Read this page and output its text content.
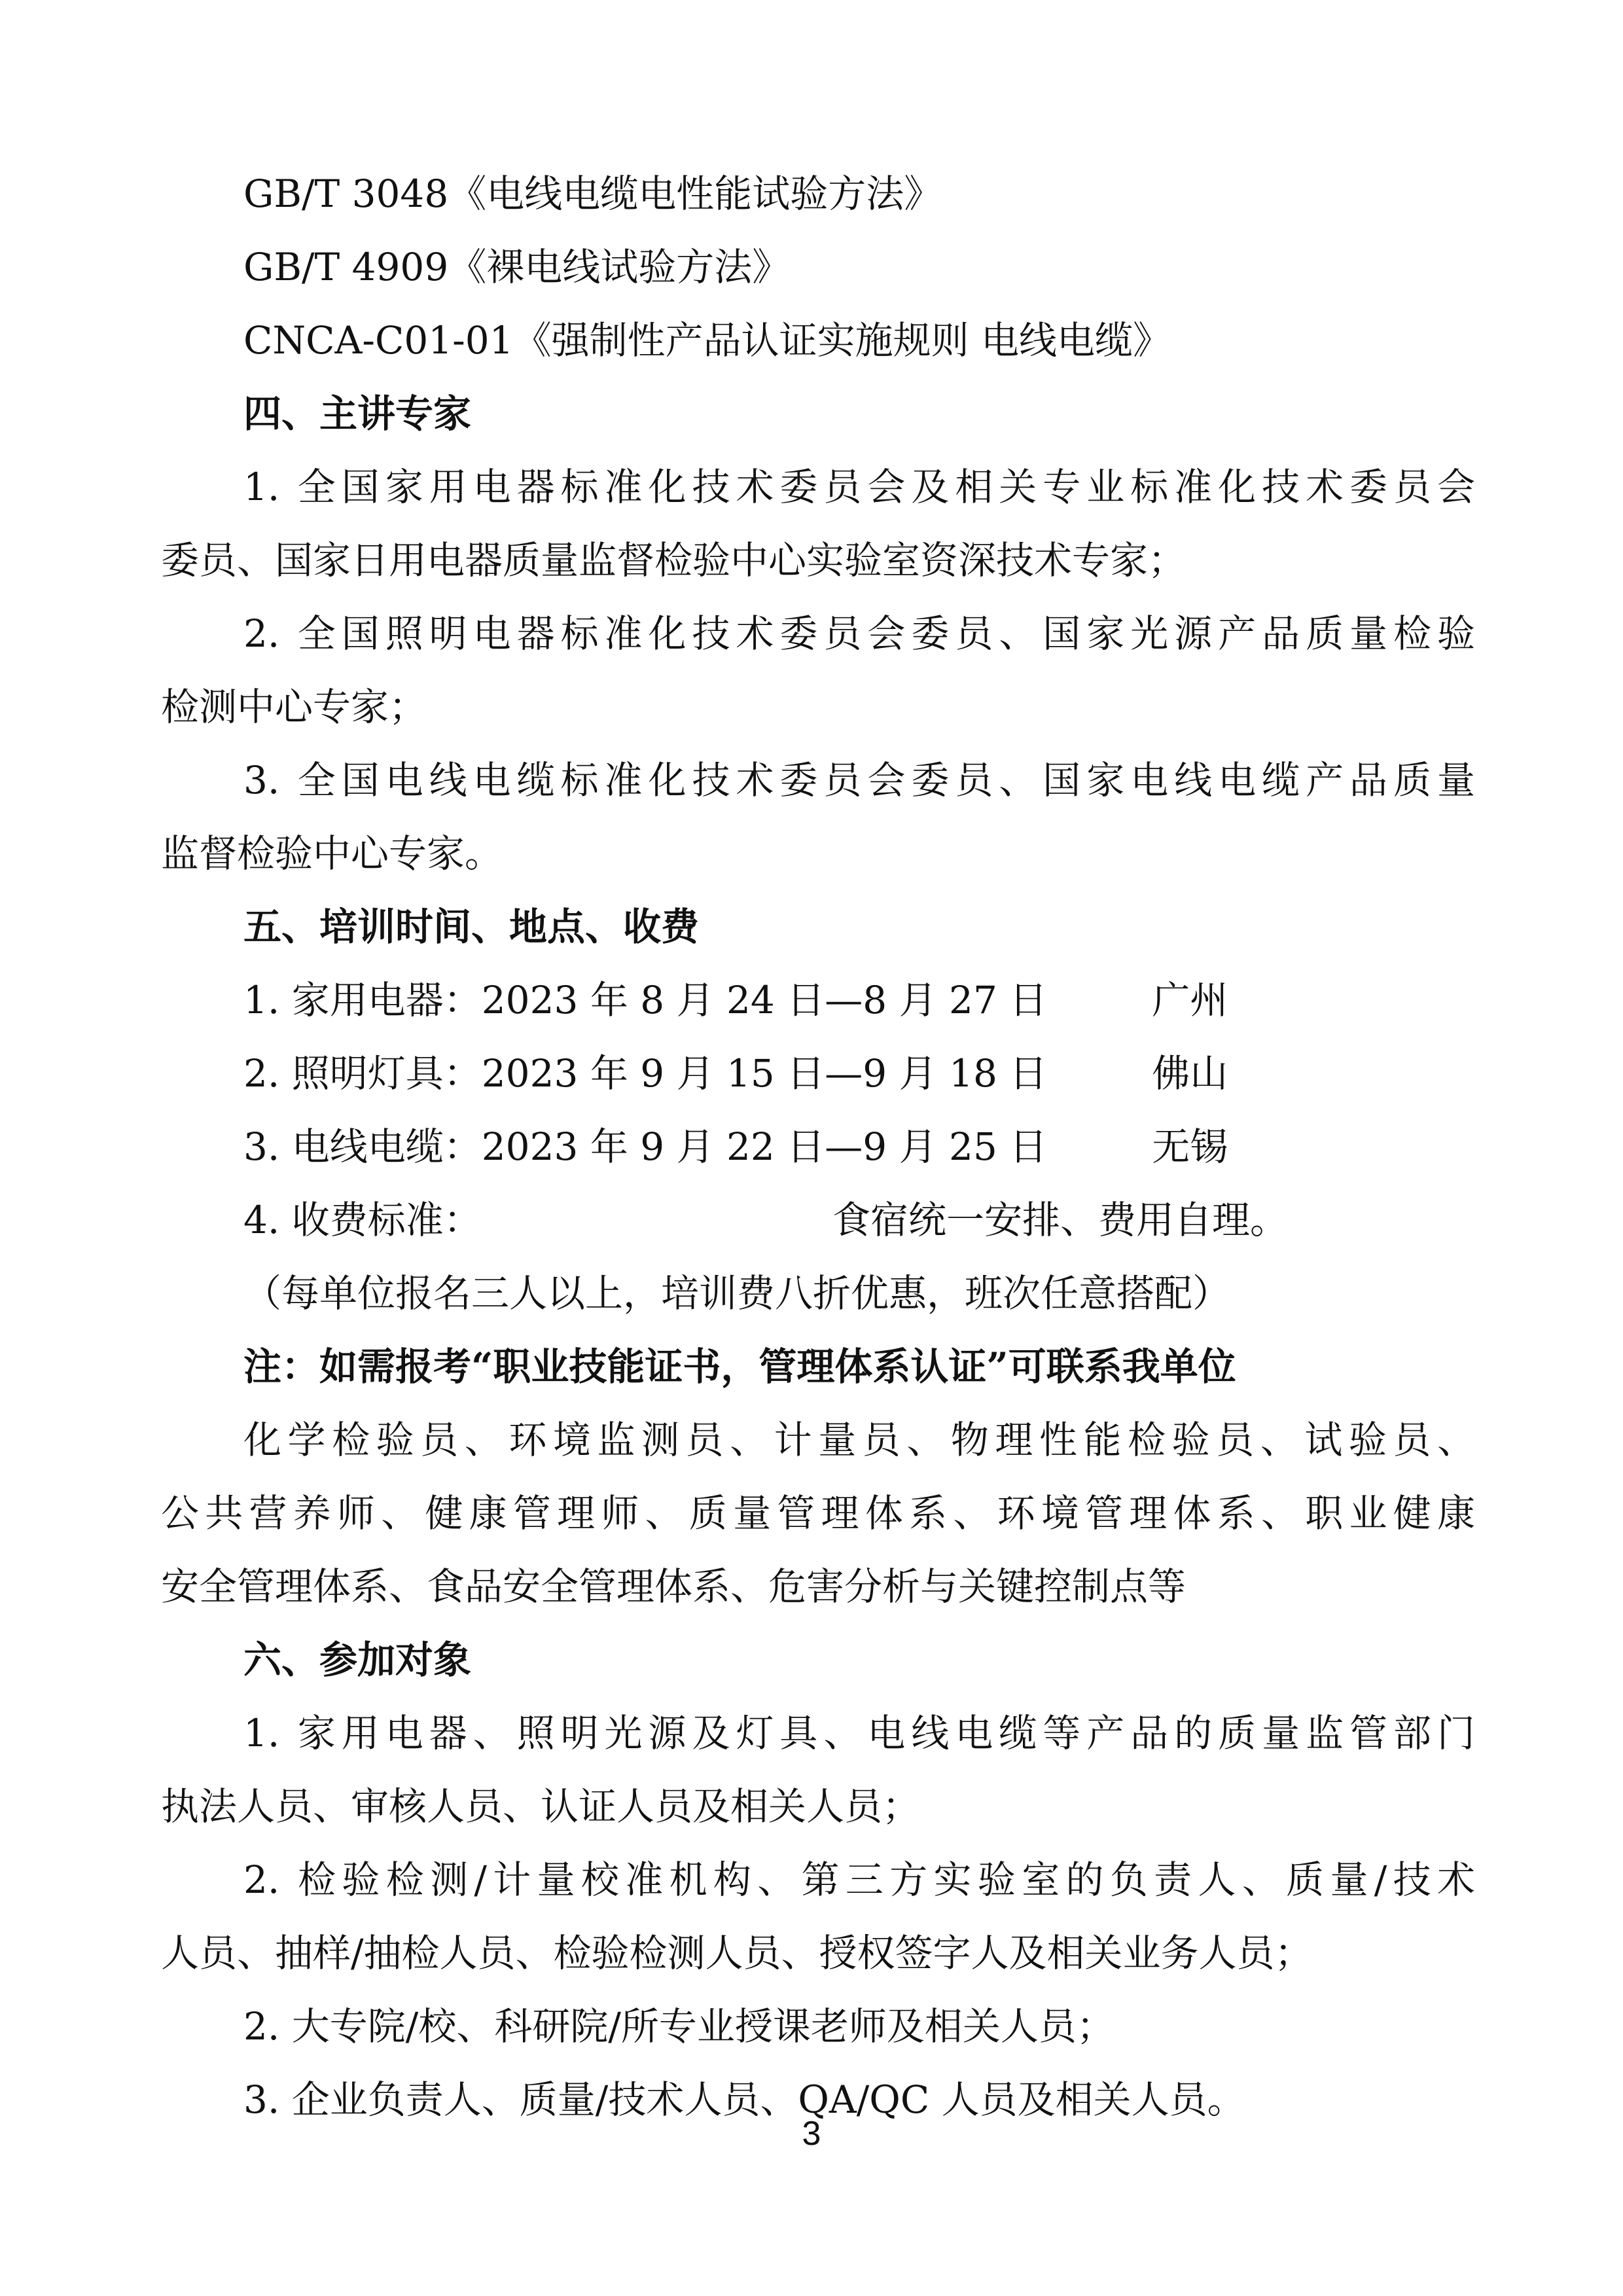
GB/T 3048《电线电缆电性能试验方法》
GB/T 4909《裸电线试验方法》
CNCA-C01-01《强制性产品认证实施规则 电线电缆》
四、主讲专家
1. 全国家用电器标准化技术委员会及相关专业标准化技术委员会
委员、国家日用电器质量监督检验中心实验室资深技术专家；
2. 全国照明电器标准化技术委员会委员、国家光源产品质量检验
检测中心专家；
3. 全国电线电缆标准化技术委员会委员、国家电线电缆产品质量
监督检验中心专家。
五、培训时间、地点、收费
1. 家用电器：2023 年 8 月 24 日—8 月 27 日	广州
2. 照明灯具：2023 年 9 月 15 日—9 月 18 日	佛山
3. 电线电缆：2023 年 9 月 22 日—9 月 25 日	无锡
4. 收费标准：	食宿统一安排、费用自理。
（每单位报名三人以上，培训费八折优惠，班次任意搭配）
注：如需报考“职业技能证书，管理体系认证”可联系我单位
化学检验员、环境监测员、计量员、物理性能检验员、试验员、
公共营养师、健康管理师、质量管理体系、环境管理体系、职业健康
安全管理体系、食品安全管理体系、危害分析与关键控制点等
六、参加对象
1. 家用电器、照明光源及灯具、电线电缆等产品的质量监管部门
执法人员、审核人员、认证人员及相关人员；
2. 检验检测/计量校准机构、第三方实验室的负责人、质量/技术
人员、抽样/抽检人员、检验检测人员、授权签字人及相关业务人员；
2. 大专院/校、科研院/所专业授课老师及相关人员；
3. 企业负责人、质量/技术人员、QA/QC 人员及相关人员。
3
